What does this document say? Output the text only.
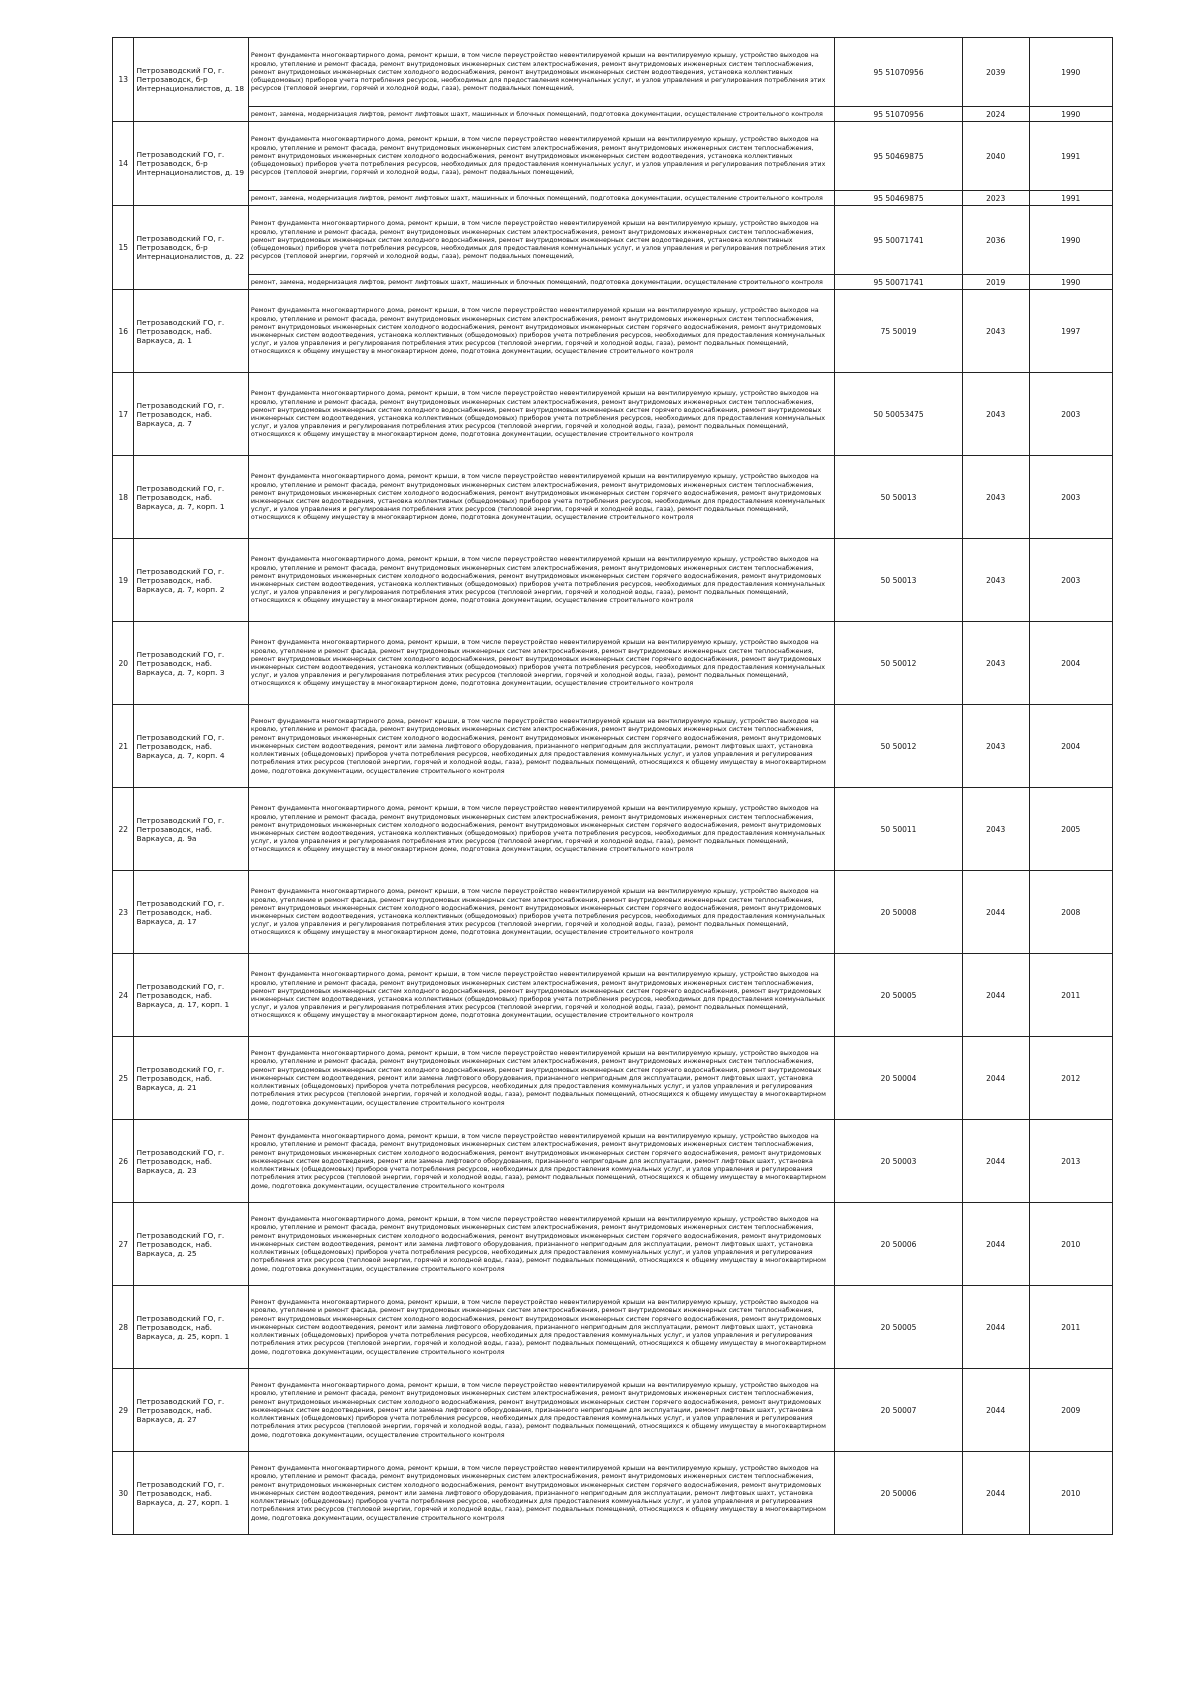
13	Петрозаводский ГО, г. Петрозаводск, б-р Интернационалистов, д. 18	Ремонт фундамента многоквартирного дома, ремонт крыши, в том числе переустройство невентилируемой крыши на вентилируемую крышу, устройство выходов на кровлю, утепление и ремонт фасада, ремонт внутридомовых инженерных систем электроснабжения, ремонт внутридомовых инженерных систем теплоснабжения, ремонт внутридомовых инженерных систем холодного водоснабжения, ремонт внутридомовых инженерных систем водоотведения, установка коллективных (общедомовых) приборов учета потребления ресурсов, необходимых для предоставления коммунальных услуг, и узлов управления и регулирования потребления этих ресурсов (тепловой энергии, горячей и холодной воды, газа), ремонт подвальных помещений,	95 51070956	2039	1990
		ремонт, замена, модернизация лифтов, ремонт лифтовых шахт, машинных и блочных помещений, подготовка документации, осуществление строительного контроля	95 51070956	2024	1990
14	Петрозаводский ГО, г. Петрозаводск, б-р Интернационалистов, д. 19	Ремонт фундамента многоквартирного дома, ремонт крыши, в том числе переустройство невентилируемой крыши на вентилируемую крышу, устройство выходов на кровлю, утепление и ремонт фасада, ремонт внутридомовых инженерных систем электроснабжения, ремонт внутридомовых инженерных систем теплоснабжения, ремонт внутридомовых инженерных систем холодного водоснабжения, ремонт внутридомовых инженерных систем водоотведения, установка коллективных (общедомовых) приборов учета потребления ресурсов, необходимых для предоставления коммунальных услуг, и узлов управления и регулирования потребления этих ресурсов (тепловой энергии, горячей и холодной воды, газа), ремонт подвальных помещений,	95 50469875	2040	1991
		ремонт, замена, модернизация лифтов, ремонт лифтовых шахт, машинных и блочных помещений, подготовка документации, осуществление строительного контроля	95 50469875	2023	1991
15	Петрозаводский ГО, г. Петрозаводск, б-р Интернационалистов, д. 22	Ремонт фундамента многоквартирного дома, ремонт крыши, в том числе переустройство невентилируемой крыши на вентилируемую крышу, устройство выходов на кровлю, утепление и ремонт фасада, ремонт внутридомовых инженерных систем электроснабжения, ремонт внутридомовых инженерных систем теплоснабжения, ремонт внутридомовых инженерных систем холодного водоснабжения, ремонт внутридомовых инженерных систем водоотведения, установка коллективных (общедомовых) приборов учета потребления ресурсов, необходимых для предоставления коммунальных услуг, и узлов управления и регулирования потребления этих ресурсов (тепловой энергии, горячей и холодной воды, газа), ремонт подвальных помещений,	95 50071741	2036	1990
		ремонт, замена, модернизация лифтов, ремонт лифтовых шахт, машинных и блочных помещений, подготовка документации, осуществление строительного контроля	95 50071741	2019	1990
16	Петрозаводский ГО, г. Петрозаводск, наб. Варкауса, д. 1	Ремонт фундамента многоквартирного дома, ремонт крыши, в том числе переустройство невентилируемой крыши на вентилируемую крышу, устройство выходов на кровлю, утепление и ремонт фасада, ремонт внутридомовых инженерных систем электроснабжения, ремонт внутридомовых инженерных систем теплоснабжения, ремонт внутридомовых инженерных систем холодного водоснабжения, ремонт внутридомовых инженерных систем горячего водоснабжения, ремонт внутридомовых инженерных систем водоотведения, установка коллективных (общедомовых) приборов учета потребления ресурсов, необходимых для предоставления коммунальных услуг, и узлов управления и регулирования потребления этих ресурсов (тепловой энергии, горячей и холодной воды, газа), ремонт подвальных помещений, относящихся к общему имуществу в многоквартирном доме, подготовка документации, осуществление строительного контроля	75 50019	2043	1997
17	Петрозаводский ГО, г. Петрозаводск, наб. Варкауса, д. 7	Ремонт фундамента многоквартирного дома, ремонт крыши, в том числе переустройство невентилируемой крыши на вентилируемую крышу, устройство выходов на кровлю, утепление и ремонт фасада, ремонт внутридомовых инженерных систем электроснабжения, ремонт внутридомовых инженерных систем теплоснабжения, ремонт внутридомовых инженерных систем холодного водоснабжения, ремонт внутридомовых инженерных систем горячего водоснабжения, ремонт внутридомовых инженерных систем водоотведения, установка коллективных (общедомовых) приборов учета потребления ресурсов, необходимых для предоставления коммунальных услуг, и узлов управления и регулирования потребления этих ресурсов (тепловой энергии, горячей и холодной воды, газа), ремонт подвальных помещений, относящихся к общему имуществу в многоквартирном доме, подготовка документации, осуществление строительного контроля	50 50053475	2043	2003
18	Петрозаводский ГО, г. Петрозаводск, наб. Варкауса, д. 7, корп. 1	Ремонт фундамента многоквартирного дома, ремонт крыши, в том числе переустройство невентилируемой крыши на вентилируемую крышу, устройство выходов на кровлю, утепление и ремонт фасада, ремонт внутридомовых инженерных систем электроснабжения, ремонт внутридомовых инженерных систем теплоснабжения, ремонт внутридомовых инженерных систем холодного водоснабжения, ремонт внутридомовых инженерных систем горячего водоснабжения, ремонт внутридомовых инженерных систем водоотведения, установка коллективных (общедомовых) приборов учета потребления ресурсов, необходимых для предоставления коммунальных услуг, и узлов управления и регулирования потребления этих ресурсов (тепловой энергии, горячей и холодной воды, газа), ремонт подвальных помещений, относящихся к общему имуществу в многоквартирном доме, подготовка документации, осуществление строительного контроля	50 50013	2043	2003
19	Петрозаводский ГО, г. Петрозаводск, наб. Варкауса, д. 7, корп. 2	Ремонт фундамента многоквартирного дома, ремонт крыши, в том числе переустройство невентилируемой крыши на вентилируемую крышу, устройство выходов на кровлю, утепление и ремонт фасада, ремонт внутридомовых инженерных систем электроснабжения, ремонт внутридомовых инженерных систем теплоснабжения, ремонт внутридомовых инженерных систем холодного водоснабжения, ремонт внутридомовых инженерных систем горячего водоснабжения, ремонт внутридомовых инженерных систем водоотведения, установка коллективных (общедомовых) приборов учета потребления ресурсов, необходимых для предоставления коммунальных услуг, и узлов управления и регулирования потребления этих ресурсов (тепловой энергии, горячей и холодной воды, газа), ремонт подвальных помещений, относящихся к общему имуществу в многоквартирном доме, подготовка документации, осуществление строительного контроля	50 50013	2043	2003
20	Петрозаводский ГО, г. Петрозаводск, наб. Варкауса, д. 7, корп. 3	Ремонт фундамента многоквартирного дома, ремонт крыши, в том числе переустройство невентилируемой крыши на вентилируемую крышу, устройство выходов на кровлю, утепление и ремонт фасада, ремонт внутридомовых инженерных систем электроснабжения, ремонт внутридомовых инженерных систем теплоснабжения, ремонт внутридомовых инженерных систем холодного водоснабжения, ремонт внутридомовых инженерных систем горячего водоснабжения, ремонт внутридомовых инженерных систем водоотведения, установка коллективных (общедомовых) приборов учета потребления ресурсов, необходимых для предоставления коммунальных услуг, и узлов управления и регулирования потребления этих ресурсов (тепловой энергии, горячей и холодной воды, газа), ремонт подвальных помещений, относящихся к общему имуществу в многоквартирном доме, подготовка документации, осуществление строительного контроля	50 50012	2043	2004
21	Петрозаводский ГО, г. Петрозаводск, наб. Варкауса, д. 7, корп. 4	Ремонт фундамента многоквартирного дома, ремонт крыши, в том числе переустройство невентилируемой крыши на вентилируемую крышу, устройство выходов на кровлю, утепление и ремонт фасада, ремонт внутридомовых инженерных систем электроснабжения, ремонт внутридомовых инженерных систем теплоснабжения, ремонт внутридомовых инженерных систем холодного водоснабжения, ремонт внутридомовых инженерных систем горячего водоснабжения, ремонт внутридомовых инженерных систем водоотведения, ремонт или замена лифтового оборудования, признанного непригодным для эксплуатации, ремонт лифтовых шахт, установка коллективных (общедомовых) приборов учета потребления ресурсов, необходимых для предоставления коммунальных услуг, и узлов управления и регулирования потребления этих ресурсов (тепловой энергии, горячей и холодной воды, газа), ремонт подвальных помещений, относящихся к общему имуществу в многоквартирном доме, подготовка документации, осуществление строительного контроля	50 50012	2043	2004
22	Петрозаводский ГО, г. Петрозаводск, наб. Варкауса, д. 9а	Ремонт фундамента многоквартирного дома, ремонт крыши, в том числе переустройство невентилируемой крыши на вентилируемую крышу, устройство выходов на кровлю, утепление и ремонт фасада, ремонт внутридомовых инженерных систем электроснабжения, ремонт внутридомовых инженерных систем теплоснабжения, ремонт внутридомовых инженерных систем холодного водоснабжения, ремонт внутридомовых инженерных систем горячего водоснабжения, ремонт внутридомовых инженерных систем водоотведения, установка коллективных (общедомовых) приборов учета потребления ресурсов, необходимых для предоставления коммунальных услуг, и узлов управления и регулирования потребления этих ресурсов (тепловой энергии, горячей и холодной воды, газа), ремонт подвальных помещений, относящихся к общему имуществу в многоквартирном доме, подготовка документации, осуществление строительного контроля	50 50011	2043	2005
23	Петрозаводский ГО, г. Петрозаводск, наб. Варкауса, д. 17	Ремонт фундамента многоквартирного дома, ремонт крыши, в том числе переустройство невентилируемой крыши на вентилируемую крышу, устройство выходов на кровлю, утепление и ремонт фасада, ремонт внутридомовых инженерных систем электроснабжения, ремонт внутридомовых инженерных систем теплоснабжения, ремонт внутридомовых инженерных систем холодного водоснабжения, ремонт внутридомовых инженерных систем горячего водоснабжения, ремонт внутридомовых инженерных систем водоотведения, установка коллективных (общедомовых) приборов учета потребления ресурсов, необходимых для предоставления коммунальных услуг, и узлов управления и регулирования потребления этих ресурсов (тепловой энергии, горячей и холодной воды, газа), ремонт подвальных помещений, относящихся к общему имуществу в многоквартирном доме, подготовка документации, осуществление строительного контроля	20 50008	2044	2008
24	Петрозаводский ГО, г. Петрозаводск, наб. Варкауса, д. 17, корп. 1	Ремонт фундамента многоквартирного дома, ремонт крыши, в том числе переустройство невентилируемой крыши на вентилируемую крышу, устройство выходов на кровлю, утепление и ремонт фасада, ремонт внутридомовых инженерных систем электроснабжения, ремонт внутридомовых инженерных систем теплоснабжения, ремонт внутридомовых инженерных систем холодного водоснабжения, ремонт внутридомовых инженерных систем горячего водоснабжения, ремонт внутридомовых инженерных систем водоотведения, установка коллективных (общедомовых) приборов учета потребления ресурсов, необходимых для предоставления коммунальных услуг, и узлов управления и регулирования потребления этих ресурсов (тепловой энергии, горячей и холодной воды, газа), ремонт подвальных помещений, относящихся к общему имуществу в многоквартирном доме, подготовка документации, осуществление строительного контроля	20 50005	2044	2011
25	Петрозаводский ГО, г. Петрозаводск, наб. Варкауса, д. 21	Ремонт фундамента многоквартирного дома, ремонт крыши, в том числе переустройство невентилируемой крыши на вентилируемую крышу, устройство выходов на кровлю, утепление и ремонт фасада, ремонт внутридомовых инженерных систем электроснабжения, ремонт внутридомовых инженерных систем теплоснабжения, ремонт внутридомовых инженерных систем холодного водоснабжения, ремонт внутридомовых инженерных систем горячего водоснабжения, ремонт внутридомовых инженерных систем водоотведения, ремонт или замена лифтового оборудования, признанного непригодным для эксплуатации, ремонт лифтовых шахт, установка коллективных (общедомовых) приборов учета потребления ресурсов, необходимых для предоставления коммунальных услуг, и узлов управления и регулирования потребления этих ресурсов (тепловой энергии, горячей и холодной воды, газа), ремонт подвальных помещений, относящихся к общему имуществу в многоквартирном доме, подготовка документации, осуществление строительного контроля	20 50004	2044	2012
26	Петрозаводский ГО, г. Петрозаводск, наб. Варкауса, д. 23	Ремонт фундамента многоквартирного дома, ремонт крыши, в том числе переустройство невентилируемой крыши на вентилируемую крышу, устройство выходов на кровлю, утепление и ремонт фасада, ремонт внутридомовых инженерных систем электроснабжения, ремонт внутридомовых инженерных систем теплоснабжения, ремонт внутридомовых инженерных систем холодного водоснабжения, ремонт внутридомовых инженерных систем горячего водоснабжения, ремонт внутридомовых инженерных систем водоотведения, ремонт или замена лифтового оборудования, признанного непригодным для эксплуатации, ремонт лифтовых шахт, установка коллективных (общедомовых) приборов учета потребления ресурсов, необходимых для предоставления коммунальных услуг, и узлов управления и регулирования потребления этих ресурсов (тепловой энергии, горячей и холодной воды, газа), ремонт подвальных помещений, относящихся к общему имуществу в многоквартирном доме, подготовка документации, осуществление строительного контроля	20 50003	2044	2013
27	Петрозаводский ГО, г. Петрозаводск, наб. Варкауса, д. 25	Ремонт фундамента многоквартирного дома, ремонт крыши, в том числе переустройство невентилируемой крыши на вентилируемую крышу, устройство выходов на кровлю, утепление и ремонт фасада, ремонт внутридомовых инженерных систем электроснабжения, ремонт внутридомовых инженерных систем теплоснабжения, ремонт внутридомовых инженерных систем холодного водоснабжения, ремонт внутридомовых инженерных систем горячего водоснабжения, ремонт внутридомовых инженерных систем водоотведения, ремонт или замена лифтового оборудования, признанного непригодным для эксплуатации, ремонт лифтовых шахт, установка коллективных (общедомовых) приборов учета потребления ресурсов, необходимых для предоставления коммунальных услуг, и узлов управления и регулирования потребления этих ресурсов (тепловой энергии, горячей и холодной воды, газа), ремонт подвальных помещений, относящихся к общему имуществу в многоквартирном доме, подготовка документации, осуществление строительного контроля	20 50006	2044	2010
28	Петрозаводский ГО, г. Петрозаводск, наб. Варкауса, д. 25, корп. 1	Ремонт фундамента многоквартирного дома, ремонт крыши, в том числе переустройство невентилируемой крыши на вентилируемую крышу, устройство выходов на кровлю, утепление и ремонт фасада, ремонт внутридомовых инженерных систем электроснабжения, ремонт внутридомовых инженерных систем теплоснабжения, ремонт внутридомовых инженерных систем холодного водоснабжения, ремонт внутридомовых инженерных систем горячего водоснабжения, ремонт внутридомовых инженерных систем водоотведения, ремонт или замена лифтового оборудования, признанного непригодным для эксплуатации, ремонт лифтовых шахт, установка коллективных (общедомовых) приборов учета потребления ресурсов, необходимых для предоставления коммунальных услуг, и узлов управления и регулирования потребления этих ресурсов (тепловой энергии, горячей и холодной воды, газа), ремонт подвальных помещений, относящихся к общему имуществу в многоквартирном доме, подготовка документации, осуществление строительного контроля	20 50005	2044	2011
29	Петрозаводский ГО, г. Петрозаводск, наб. Варкауса, д. 27	Ремонт фундамента многоквартирного дома, ремонт крыши, в том числе переустройство невентилируемой крыши на вентилируемую крышу, устройство выходов на кровлю, утепление и ремонт фасада, ремонт внутридомовых инженерных систем электроснабжения, ремонт внутридомовых инженерных систем теплоснабжения, ремонт внутридомовых инженерных систем холодного водоснабжения, ремонт внутридомовых инженерных систем горячего водоснабжения, ремонт внутридомовых инженерных систем водоотведения, ремонт или замена лифтового оборудования, признанного непригодным для эксплуатации, ремонт лифтовых шахт, установка коллективных (общедомовых) приборов учета потребления ресурсов, необходимых для предоставления коммунальных услуг, и узлов управления и регулирования потребления этих ресурсов (тепловой энергии, горячей и холодной воды, газа), ремонт подвальных помещений, относящихся к общему имуществу в многоквартирном доме, подготовка документации, осуществление строительного контроля	20 50007	2044	2009
30	Петрозаводский ГО, г. Петрозаводск, наб. Варкауса, д. 27, корп. 1	Ремонт фундамента многоквартирного дома, ремонт крыши, в том числе переустройство невентилируемой крыши на вентилируемую крышу, устройство выходов на кровлю, утепление и ремонт фасада, ремонт внутридомовых инженерных систем электроснабжения, ремонт внутридомовых инженерных систем теплоснабжения, ремонт внутридомовых инженерных систем холодного водоснабжения, ремонт внутридомовых инженерных систем горячего водоснабжения, ремонт внутридомовых инженерных систем водоотведения, ремонт или замена лифтового оборудования, признанного непригодным для эксплуатации, ремонт лифтовых шахт, установка коллективных (общедомовых) приборов учета потребления ресурсов, необходимых для предоставления коммунальных услуг, и узлов управления и регулирования потребления этих ресурсов (тепловой энергии, горячей и холодной воды, газа), ремонт подвальных помещений, относящихся к общему имуществу в многоквартирном доме, подготовка документации, осуществление строительного контроля	20 50006	2044	2010
